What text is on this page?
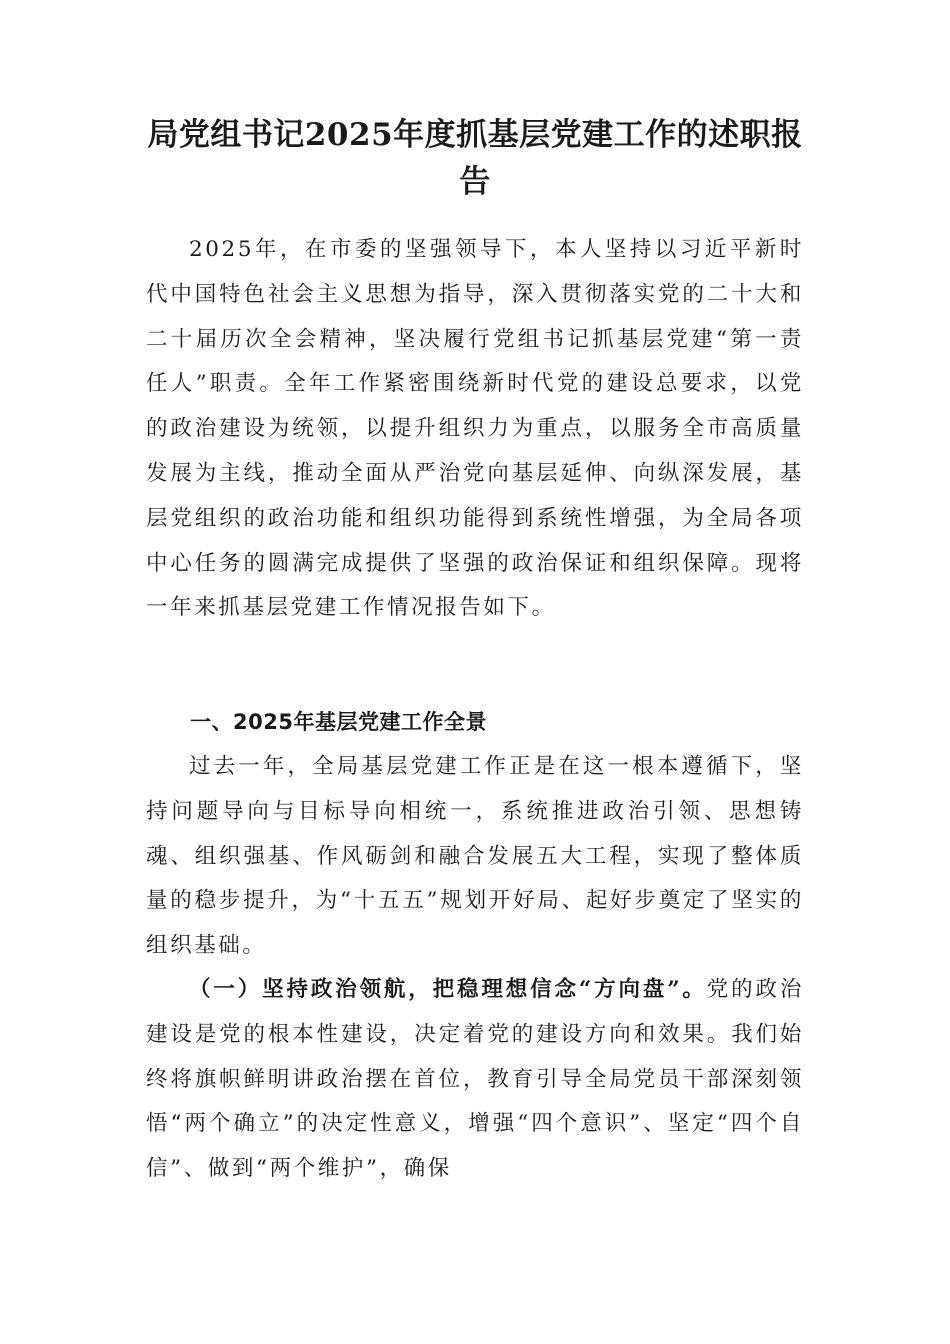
局党组书记2025年度抓基层党建工作的述职报告

2025年，在市委的坚强领导下，本人坚持以习近平新时代中国特色社会主义思想为指导，深入贯彻落实党的二十大和二十届历次全会精神，坚决履行党组书记抓基层党建“第一责任人”职责。全年工作紧密围绕新时代党的建设总要求，以党的政治建设为统领，以提升组织力为重点，以服务全市高质量发展为主线，推动全面从严治党向基层延伸、向纵深发展，基层党组织的政治功能和组织功能得到系统性增强，为全局各项中心任务的圆满完成提供了坚强的政治保证和组织保障。现将一年来抓基层党建工作情况报告如下。

一、2025年基层党建工作全景

过去一年，全局基层党建工作正是在这一根本遵循下，坚持问题导向与目标导向相统一，系统推进政治引领、思想铸魂、组织强基、作风砺剑和融合发展五大工程，实现了整体质量的稳步提升，为“十五五”规划开好局、起好步奠定了坚实的组织基础。

（一）坚持政治领航，把稳理想信念“方向盘”。党的政治建设是党的根本性建设，决定着党的建设方向和效果。我们始终将旗帜鲜明讲政治摆在首位，教育引导全局党员干部深刻领悟“两个确立”的决定性意义，增强“四个意识”、坚定“四个自信”、做到“两个维护”，确保
